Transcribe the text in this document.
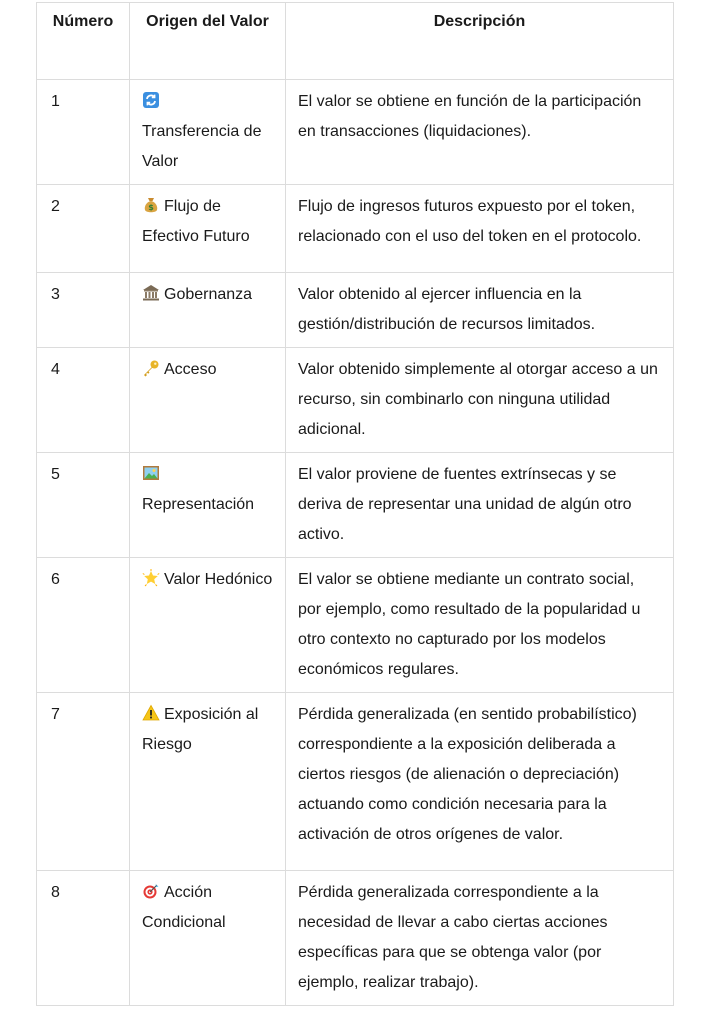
Número	Origen del Valor	Descripción
1	Transferencia de Valor	El valor se obtiene en función de la participación en transacciones (liquidaciones).
2	$ Flujo de Efectivo Futuro	Flujo de ingresos futuros expuesto por el token, relacionado con el uso del token en el protocolo.
3	Gobernanza	Valor obtenido al ejercer influencia en la gestión/distribución de recursos limitados.
4	Acceso	Valor obtenido simplemente al otorgar acceso a un recurso, sin combinarlo con ninguna utilidad adicional.
5	Representación	El valor proviene de fuentes extrínsecas y se deriva de representar una unidad de algún otro activo.
6	Valor Hedónico	El valor se obtiene mediante un contrato social, por ejemplo, como resultado de la popularidad u otro contexto no capturado por los modelos económicos regulares.
7	Exposición al Riesgo	Pérdida generalizada (en sentido probabilístico) correspondiente a la exposición deliberada a ciertos riesgos (de alienación o depreciación) actuando como condición necesaria para la activación de otros orígenes de valor.
8	Acción Condicional	Pérdida generalizada correspondiente a la necesidad de llevar a cabo ciertas acciones específicas para que se obtenga valor (por ejemplo, realizar trabajo).
